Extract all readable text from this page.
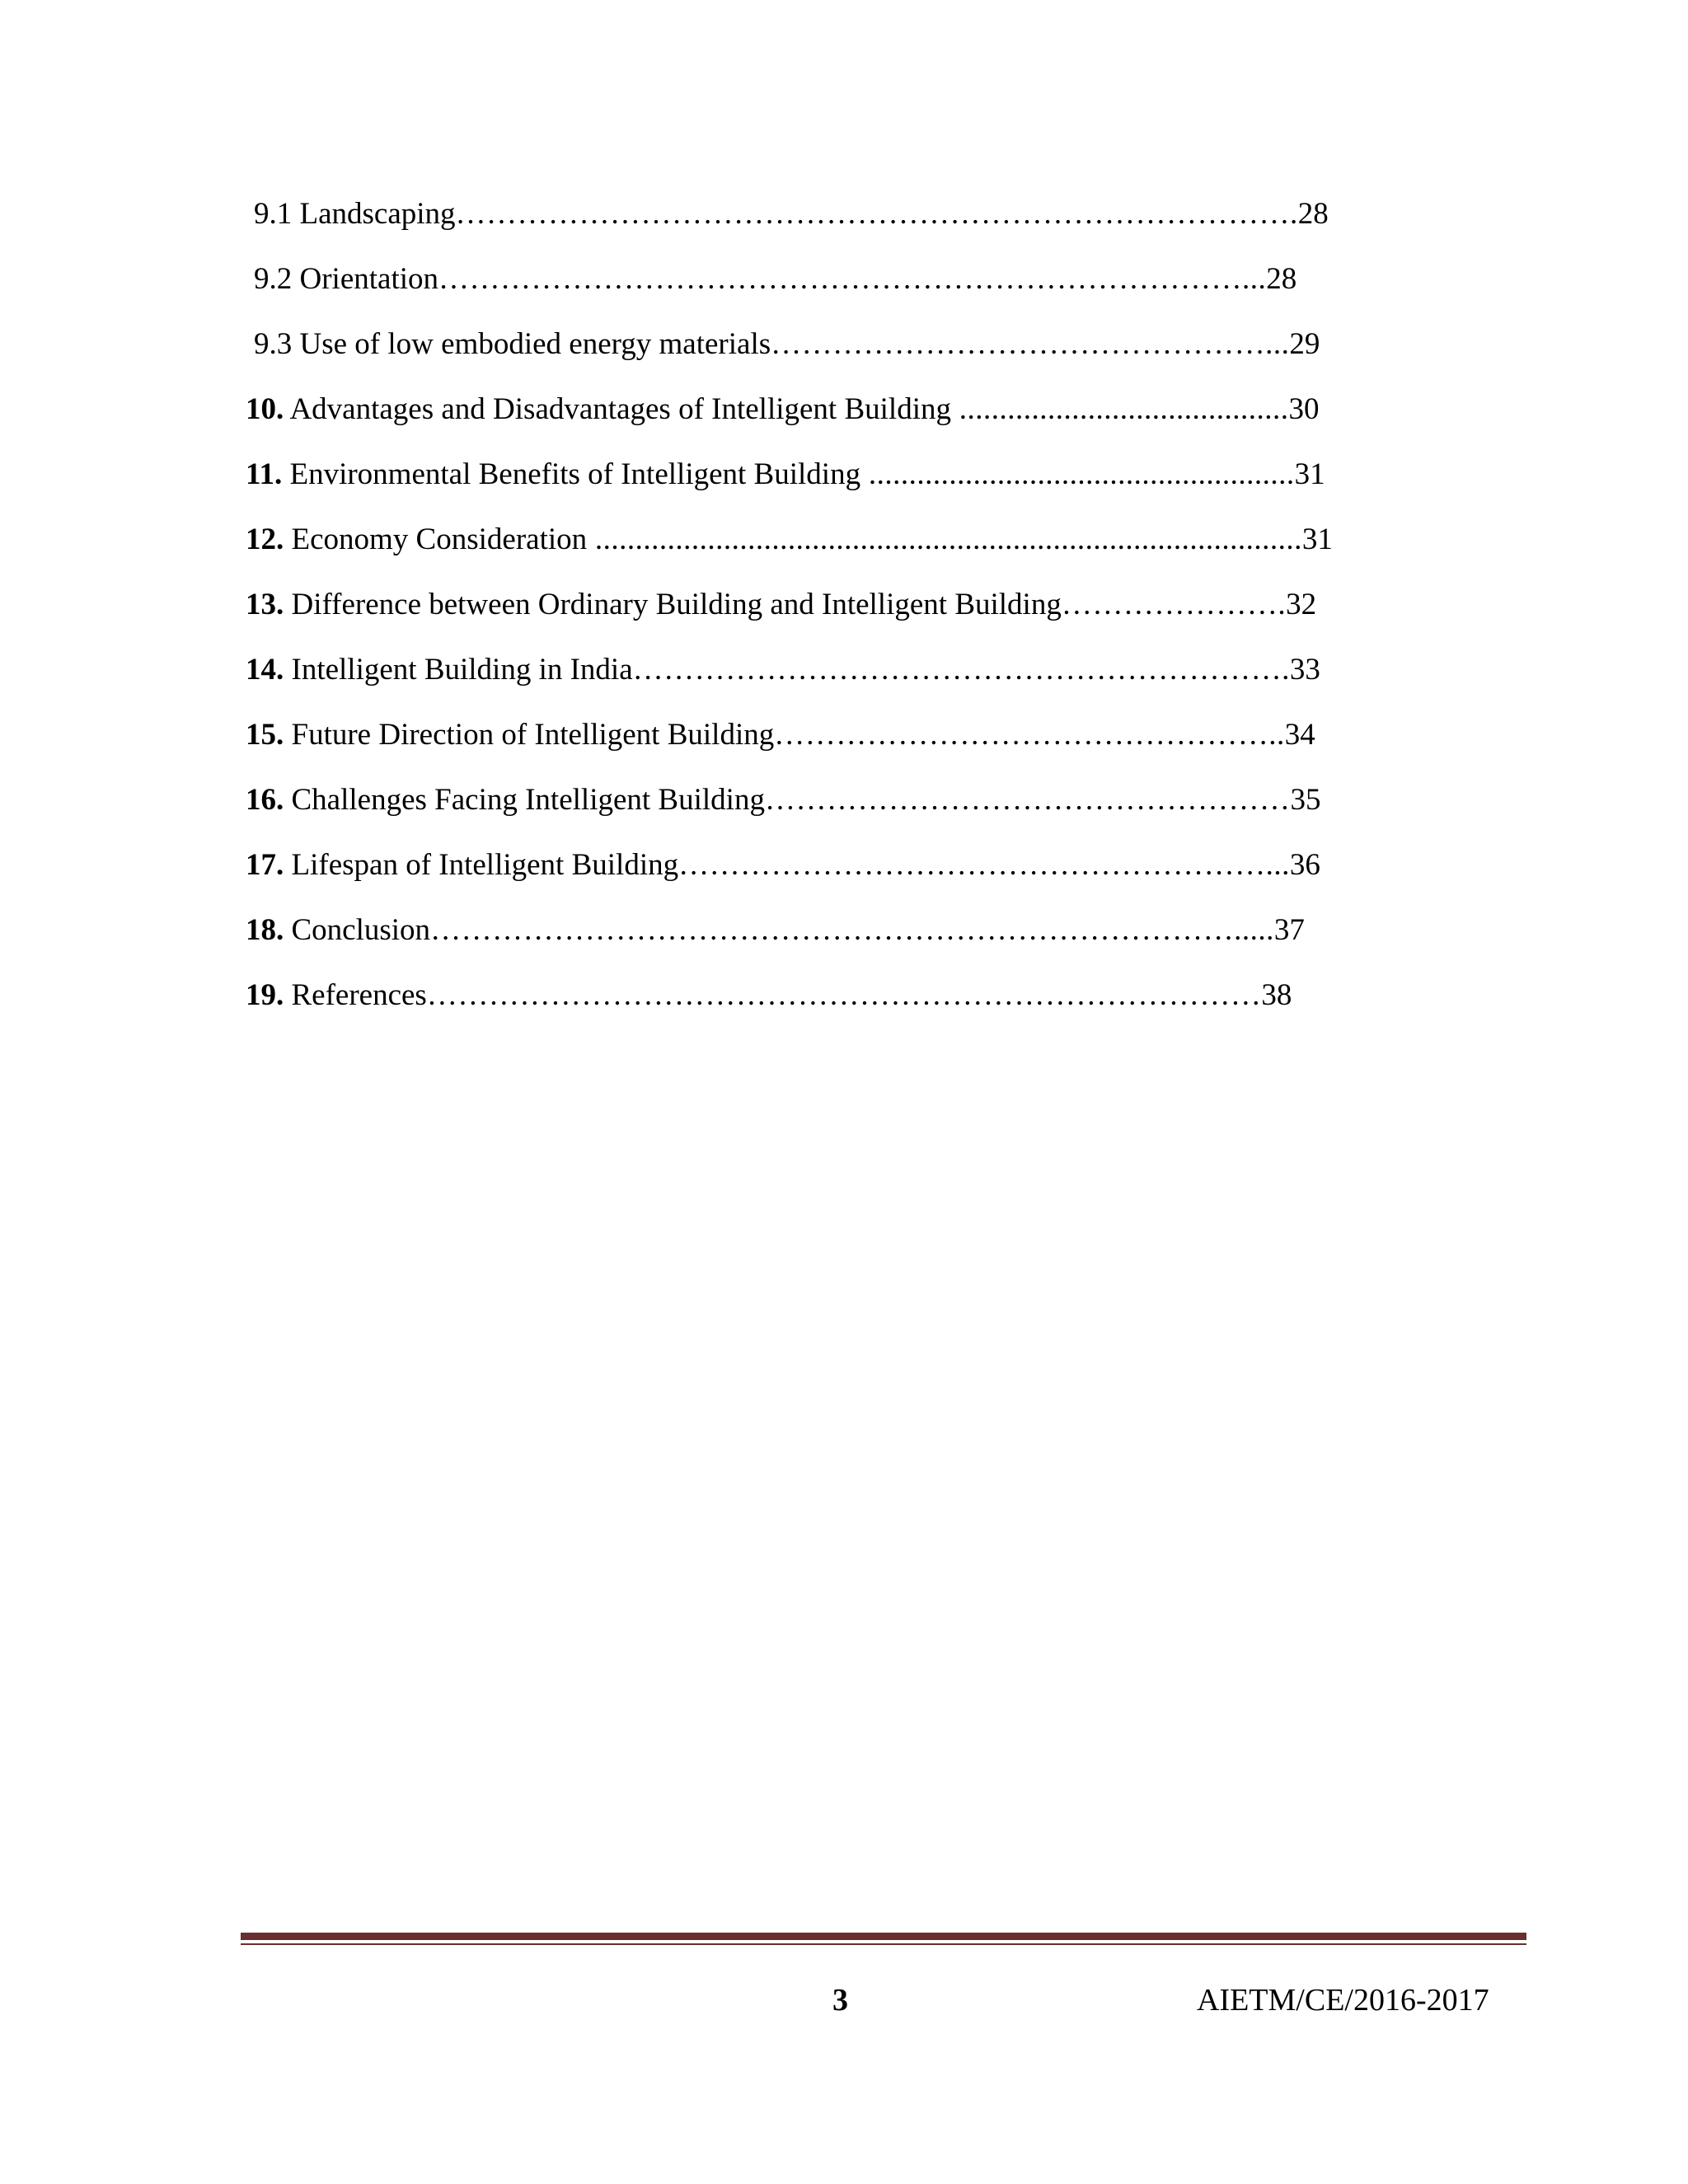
9.1 Landscaping……………………………………………………………………….28
9.2 Orientation……………………………………………………………………...28
9.3 Use of low embodied energy materials…………………………………………...29
10. Advantages and Disadvantages of Intelligent Building .........................................30
11. Environmental Benefits of Intelligent Building .....................................................31
12. Economy Consideration ........................................................................................31
13. Difference between Ordinary Building and Intelligent Building………………….32
14. Intelligent Building in India……………………………………………………….33
15. Future Direction of Intelligent Building…………………………………………..34
16. Challenges Facing Intelligent Building……………………………………………35
17. Lifespan of Intelligent Building…………………………………………………...36
18. Conclusion…………………………………………………………………….....37
19. References………………………………………………………………………38
3	AIETM/CE/2016-2017
